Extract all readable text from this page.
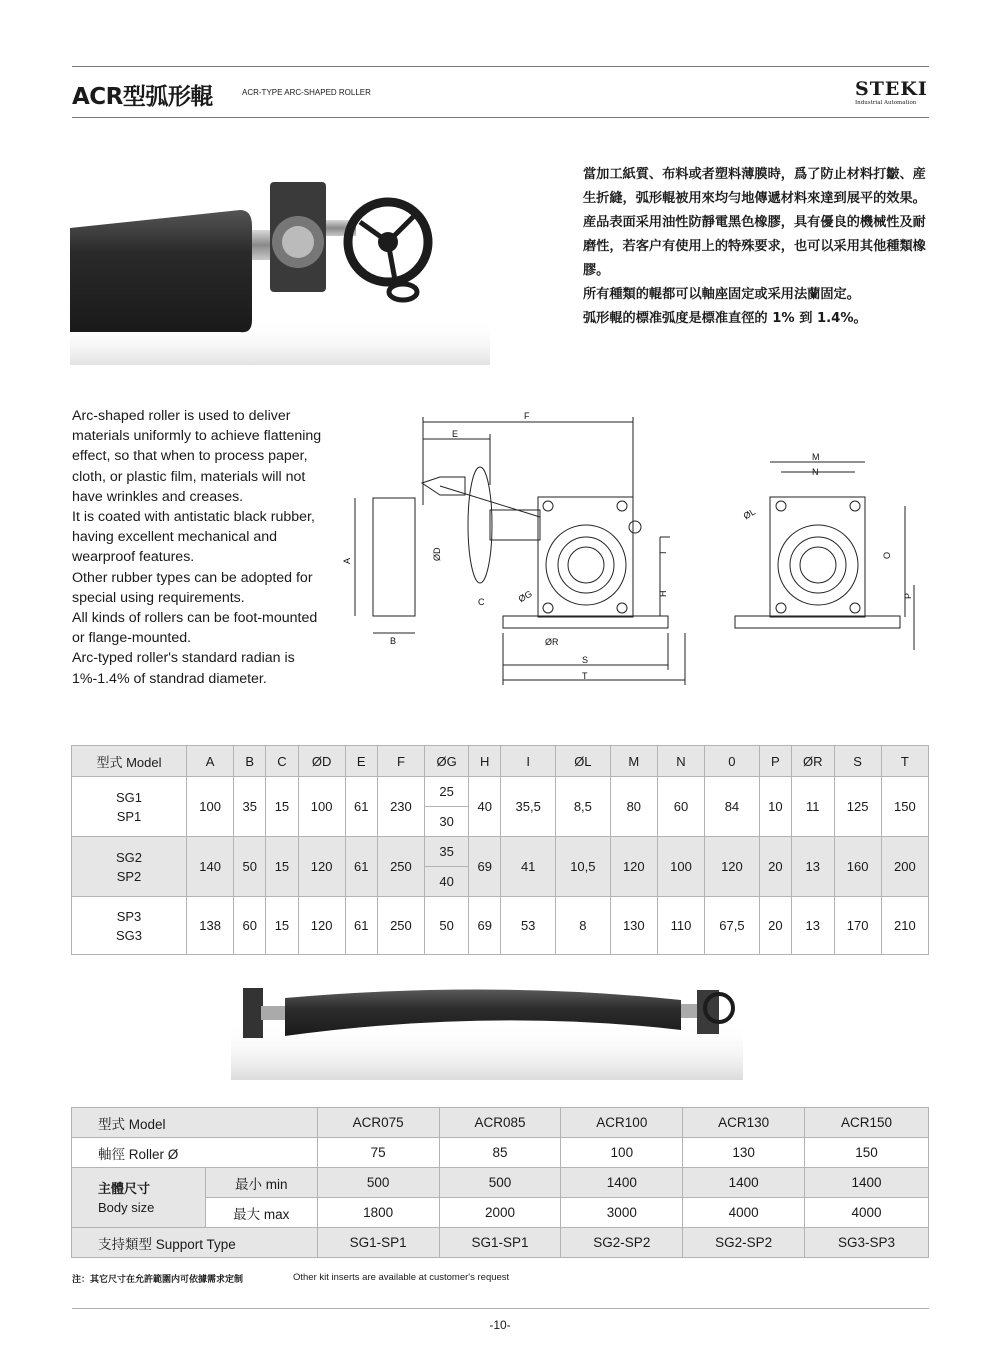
ACR型弧形輥	ACR-TYPE ARC-SHAPED ROLLER	STEKI
Industrial Automation

當加工紙質、布料或者塑料薄膜時，爲了防止材料打皺、産生折縫，弧形輥被用來均勻地傳遞材料來達到展平的效果。

産品表面采用油性防靜電黑色橡膠，具有優良的機械性及耐磨性，若客户有使用上的特殊要求，也可以采用其他種類橡膠。

所有種類的輥都可以軸座固定或采用法蘭固定。

弧形輥的標准弧度是標准直徑的 1% 到 1.4%。

Arc-shaped roller is used to deliver materials uniformly to achieve flattening effect, so that when to process paper, cloth, or plastic film, materials will not have wrinkles and creases.

It is coated with antistatic black rubber, having excellent mechanical and wearproof features.

Other rubber types can be adopted for special using requirements.

All kinds of rollers can be foot-mounted or flange-mounted.

Arc-typed roller's standard radian is 1%-1.4% of standrad diameter.

F
E
A	ØD
ØG
C
B
H
I
ØR
S
T
M
N
ØL
O
P
型式 Model	A	B	C	ØD	E	F	ØG	H	I	ØL	M	N	0	P	ØR	S	T
SG1
SP1	100	35	15	100	61	230	25	40	35,5	8,5	80	60	84	10	11	125	150
							30										
SG2
SP2	140	50	15	120	61	250	35	69	41	10,5	120	100	120	20	13	160	200
							40										
SP3
SG3	138	60	15	120	61	250	50	69	53	8	130	110	67,5	20	13	170	210
型式 Model		ACR075	ACR085	ACR100	ACR130	ACR150
軸徑 Roller Ø		75	85	100	130	150
主體尺寸
Body size	最小 min	500	500	1400	1400	1400
	最大 max	1800	2000	3000	4000	4000
支持類型 Support Type		SG1-SP1	SG1-SP1	SG2-SP2	SG2-SP2	SG3-SP3
注：其它尺寸在允許範圍内可依據需求定制	Other kit inserts are available at customer's request
-10-
